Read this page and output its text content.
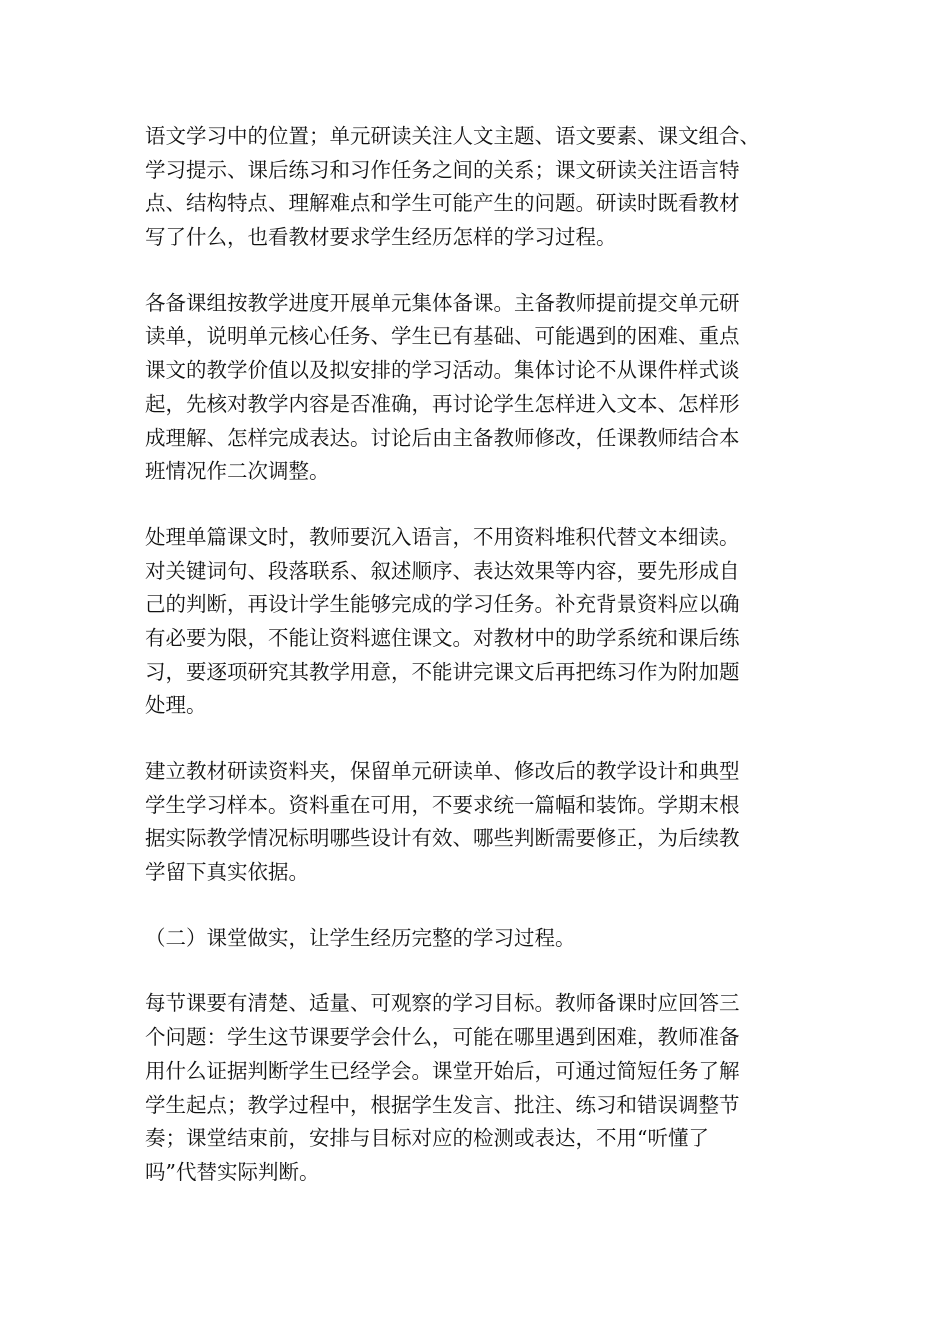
语文学习中的位置；单元研读关注人文主题、语文要素、课文组合、
学习提示、课后练习和习作任务之间的关系；课文研读关注语言特
点、结构特点、理解难点和学生可能产生的问题。研读时既看教材
写了什么，也看教材要求学生经历怎样的学习过程。

各备课组按教学进度开展单元集体备课。主备教师提前提交单元研
读单，说明单元核心任务、学生已有基础、可能遇到的困难、重点
课文的教学价值以及拟安排的学习活动。集体讨论不从课件样式谈
起，先核对教学内容是否准确，再讨论学生怎样进入文本、怎样形
成理解、怎样完成表达。讨论后由主备教师修改，任课教师结合本
班情况作二次调整。

处理单篇课文时，教师要沉入语言，不用资料堆积代替文本细读。
对关键词句、段落联系、叙述顺序、表达效果等内容，要先形成自
己的判断，再设计学生能够完成的学习任务。补充背景资料应以确
有必要为限，不能让资料遮住课文。对教材中的助学系统和课后练
习，要逐项研究其教学用意，不能讲完课文后再把练习作为附加题
处理。

建立教材研读资料夹，保留单元研读单、修改后的教学设计和典型
学生学习样本。资料重在可用，不要求统一篇幅和装饰。学期末根
据实际教学情况标明哪些设计有效、哪些判断需要修正，为后续教
学留下真实依据。

（二）课堂做实，让学生经历完整的学习过程。

每节课要有清楚、适量、可观察的学习目标。教师备课时应回答三
个问题：学生这节课要学会什么，可能在哪里遇到困难，教师准备
用什么证据判断学生已经学会。课堂开始后，可通过简短任务了解
学生起点；教学过程中，根据学生发言、批注、练习和错误调整节
奏；课堂结束前，安排与目标对应的检测或表达，不用“听懂了
吗”代替实际判断。
